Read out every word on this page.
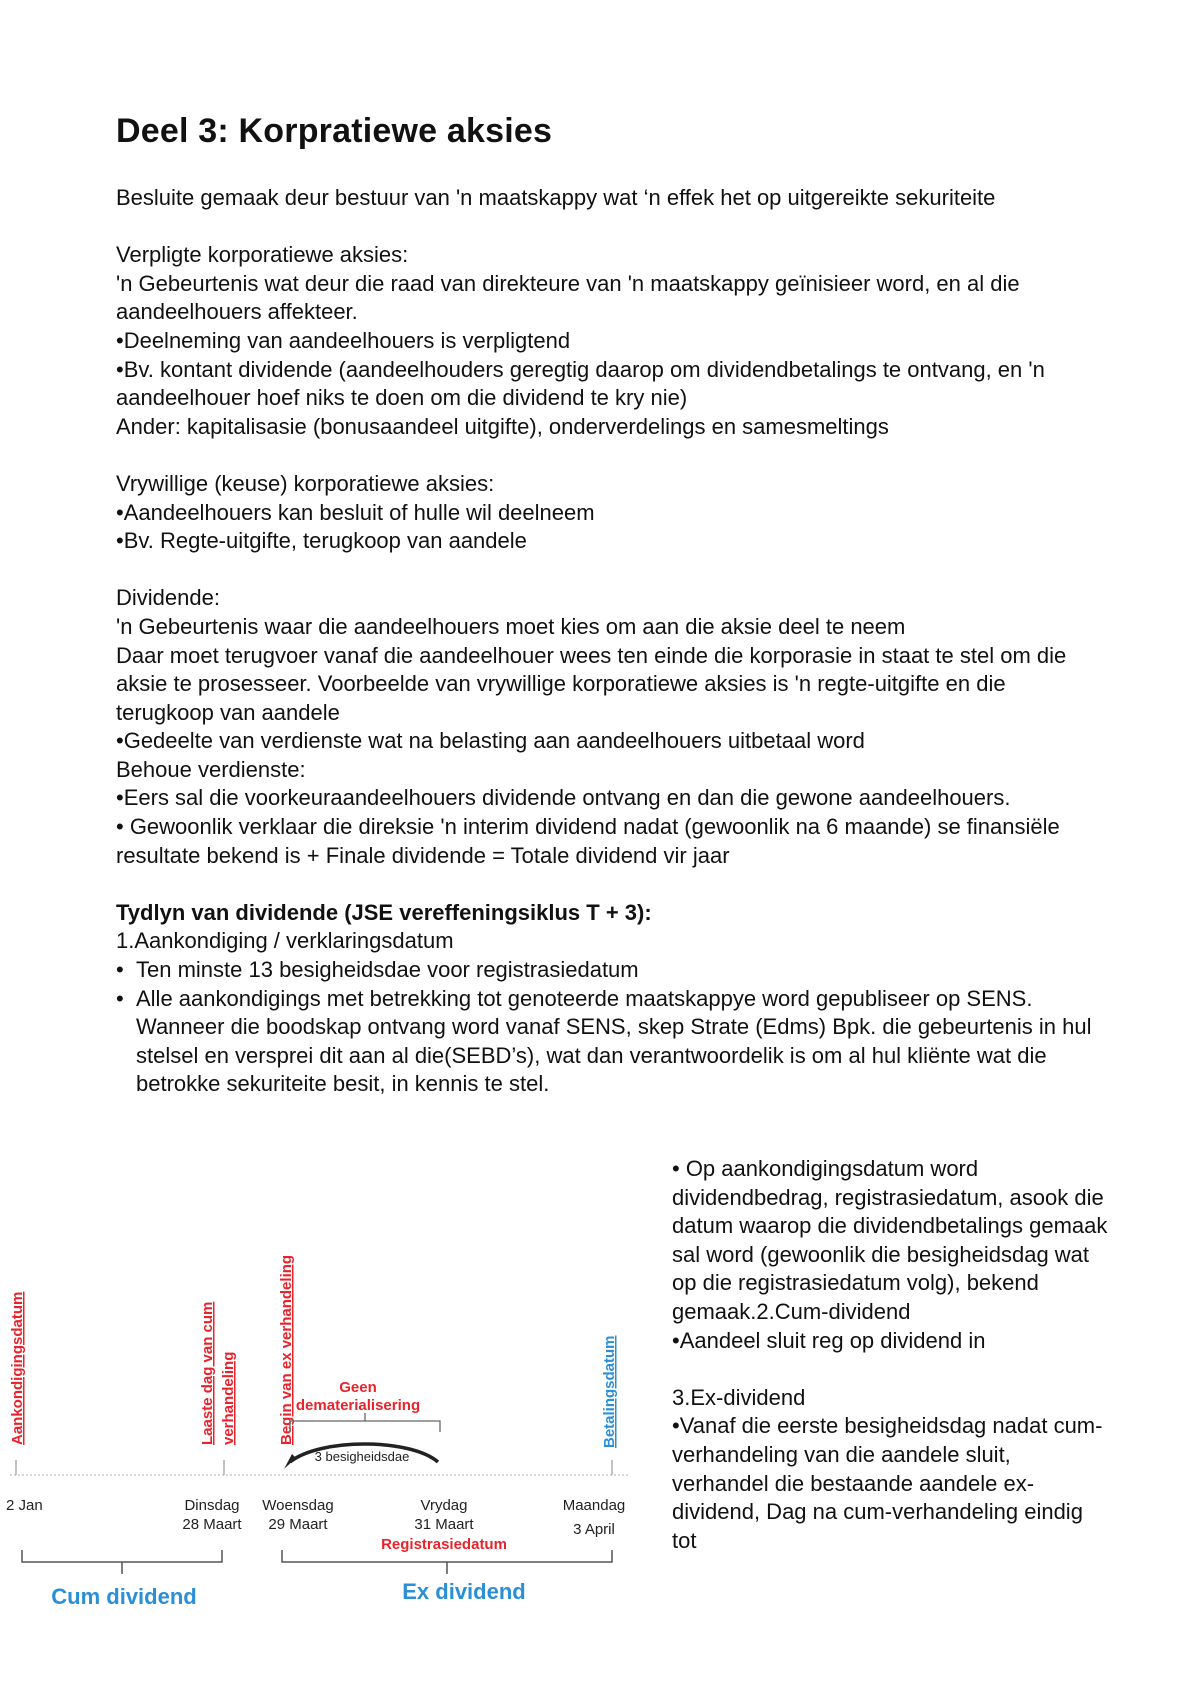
Deel 3: Korpratiewe aksies

Besluite gemaak deur bestuur van 'n maatskappy wat ‘n effek het op uitgereikte sekuriteite

Verpligte korporatiewe aksies:

'n Gebeurtenis wat deur die raad van direkteure van 'n maatskappy geïnisieer word, en al die aandeelhouers affekteer.

•Deelneming van aandeelhouers is verpligtend

•Bv. kontant dividende (aandeelhouders geregtig daarop om dividendbetalings te ontvang, en 'n aandeelhouer hoef niks te doen om die dividend te kry nie)

Ander: kapitalisasie (bonusaandeel uitgifte), onderverdelings en samesmeltings

Vrywillige (keuse) korporatiewe aksies:

•Aandeelhouers kan besluit of hulle wil deelneem

•Bv. Regte-uitgifte, terugkoop van aandele

Dividende:

'n Gebeurtenis waar die aandeelhouers moet kies om aan die aksie deel te neem

Daar moet terugvoer vanaf die aandeelhouer wees ten einde die korporasie in staat te stel om die aksie te prosesseer. Voorbeelde van vrywillige korporatiewe aksies is 'n regte-uitgifte en die terugkoop van aandele

•Gedeelte van verdienste wat na belasting aan aandeelhouers uitbetaal word

Behoue verdienste:

•Eers sal die voorkeuraandeelhouers dividende ontvang en dan die gewone aandeelhouers.

• Gewoonlik verklaar die direksie 'n interim dividend nadat (gewoonlik na 6 maande) se finansiële resultate bekend is + Finale dividende = Totale dividend vir jaar

Tydlyn van dividende (JSE vereffeningsiklus T + 3):

1.Aankondiging / verklaringsdatum

• Ten minste 13 besigheidsdae voor registrasiedatum
• Alle aankondigings met betrekking tot genoteerde maatskappye word gepubliseer op SENS. Wanneer die boodskap ontvang word vanaf SENS, skep Strate (Edms) Bpk. die gebeurtenis in hul stelsel en versprei dit aan al die(SEBD’s), wat dan verantwoordelik is om al hul kliënte wat die betrokke sekuriteite besit, in kennis te stel.

• Op aankondigingsdatum word dividendbedrag, registrasiedatum, asook die datum waarop die dividendbetalings gemaak sal word (gewoonlik die besigheidsdag wat op die registrasiedatum volg), bekend gemaak.2.Cum-dividend

•Aandeel sluit reg op dividend in

3.Ex-dividend

•Vanaf die eerste besigheidsdag nadat cum-verhandeling van die aandele sluit, verhandel die bestaande aandele ex-dividend, Dag na cum-verhandeling eindig tot

Aankondigingsdatum	Laaste dag van cum verhandeling	Begin van ex verhandeling	Betalingsdatum
Geen
dematerialisering
3 besigheidsdae
2 Jan	Dinsdag
28 Maart
Woensdag
29 Maart
Vrydag
31 Maart
Registrasiedatum
Maandag
3 April
Cum dividend	Ex dividend
